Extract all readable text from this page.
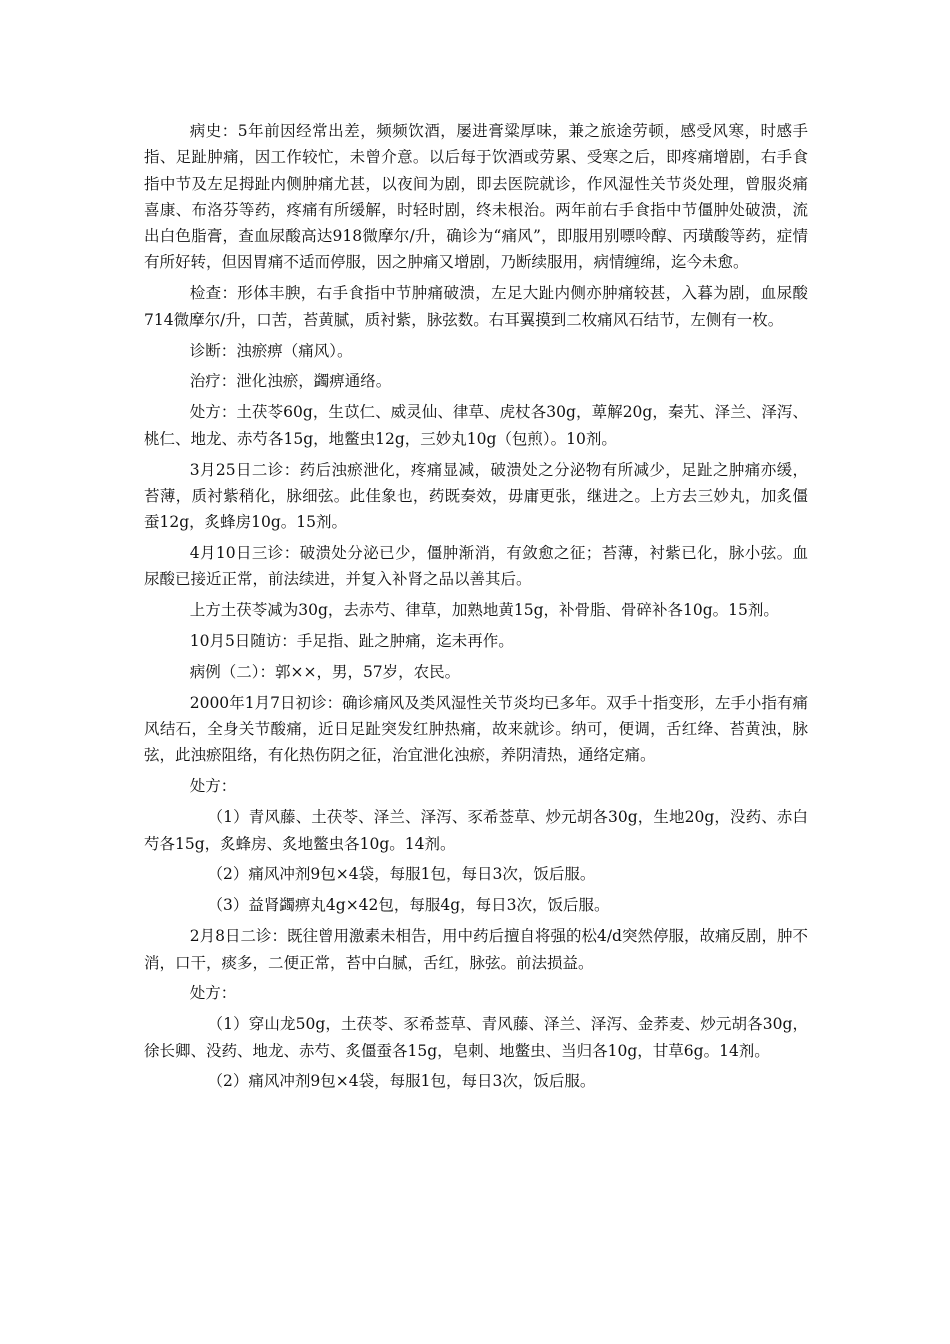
病史：5年前因经常出差，频频饮酒，屡进膏粱厚味，兼之旅途劳顿，感受风寒，时感手指、足趾肿痛，因工作较忙，未曾介意。以后每于饮酒或劳累、受寒之后，即疼痛增剧，右手食指中节及左足拇趾内侧肿痛尤甚，以夜间为剧，即去医院就诊，作风湿性关节炎处理，曾服炎痛喜康、布洛芬等药，疼痛有所缓解，时轻时剧，终未根治。两年前右手食指中节僵肿处破溃，流出白色脂膏，查血尿酸高达918微摩尔/升，确诊为“痛风”，即服用别嘌呤醇、丙璜酸等药，症情有所好转，但因胃痛不适而停服，因之肿痛又增剧，乃断续服用，病情缠绵，迄今未愈。

检查：形体丰腴，右手食指中节肿痛破溃，左足大趾内侧亦肿痛较甚，入暮为剧，血尿酸714微摩尔/升，口苦，苔黄腻，质衬紫，脉弦数。右耳翼摸到二枚痛风石结节，左侧有一枚。

诊断：浊瘀痹（痛风）。

治疗：泄化浊瘀，蠲痹通络。

处方：土茯苓60g，生苡仁、威灵仙、律草、虎杖各30g，萆解20g，秦艽、泽兰、泽泻、桃仁、地龙、赤芍各15g，地鳖虫12g，三妙丸10g（包煎）。10剂。

3月25日二诊：药后浊瘀泄化，疼痛显减，破溃处之分泌物有所减少，足趾之肿痛亦缓，苔薄，质衬紫稍化，脉细弦。此佳象也，药既奏效，毋庸更张，继进之。上方去三妙丸，加炙僵蚕12g，炙蜂房10g。15剂。

4月10日三诊：破溃处分泌已少，僵肿渐消，有敛愈之征；苔薄，衬紫已化，脉小弦。血尿酸已接近正常，前法续进，并复入补肾之品以善其后。

上方土茯苓减为30g，去赤芍、律草，加熟地黄15g，补骨脂、骨碎补各10g。15剂。

10月5日随访：手足指、趾之肿痛，迄未再作。

病例（二）：郭××，男，57岁，农民。

2000年1月7日初诊：确诊痛风及类风湿性关节炎均已多年。双手十指变形，左手小指有痛风结石，全身关节酸痛，近日足趾突发红肿热痛，故来就诊。纳可，便调，舌红绛、苔黄浊，脉弦，此浊瘀阻络，有化热伤阴之征，治宜泄化浊瘀，养阴清热，通络定痛。

处方：

（1）青风藤、土茯苓、泽兰、泽泻、豕希莶草、炒元胡各30g，生地20g，没药、赤白芍各15g，炙蜂房、炙地鳖虫各10g。14剂。

（2）痛风冲剂9包×4袋，每服1包，每日3次，饭后服。

（3）益肾蠲痹丸4g×42包，每服4g，每日3次，饭后服。

2月8日二诊：既往曾用激素未相告，用中药后擅自将强的松4/d突然停服，故痛反剧，肿不消，口干，痰多，二便正常，苔中白腻，舌红，脉弦。前法损益。

处方：

（1）穿山龙50g，土茯苓、豕希莶草、青风藤、泽兰、泽泻、金荞麦、炒元胡各30g，徐长卿、没药、地龙、赤芍、炙僵蚕各15g，皂刺、地鳖虫、当归各10g，甘草6g。14剂。

（2）痛风冲剂9包×4袋，每服1包，每日3次，饭后服。
